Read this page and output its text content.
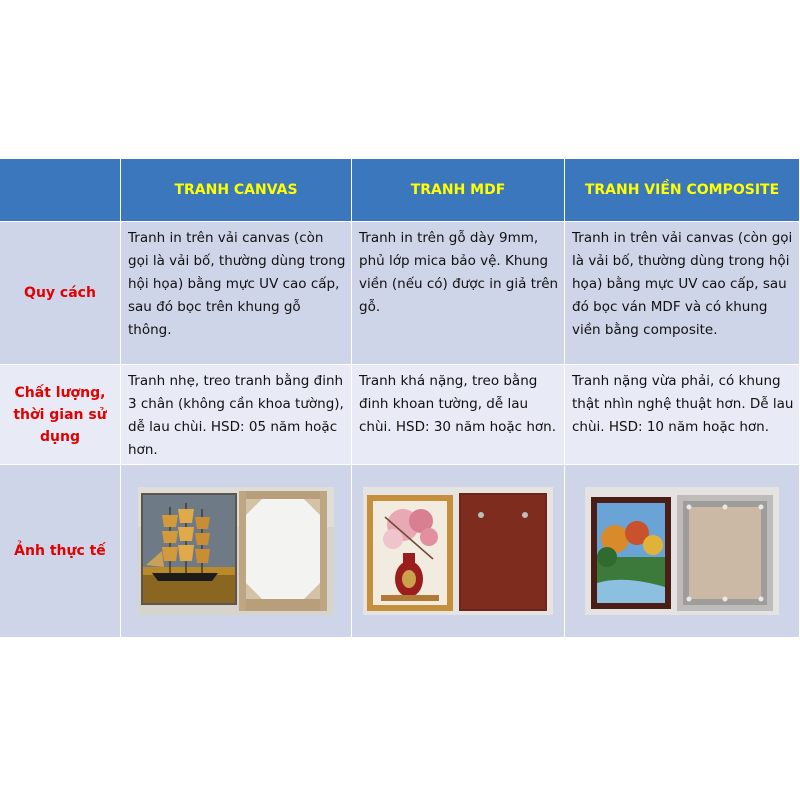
TRANH CANVAS	TRANH MDF	TRANH VIỀN COMPOSITE
Quy cách
Tranh in trên vải canvas (còn gọi là vải bố, thường dùng trong hội họa) bằng mực UV cao cấp, sau đó bọc trên khung gỗ thông.
Tranh in trên gỗ dày 9mm, phủ lớp mica bảo vệ. Khung viền (nếu có) được in giả trên gỗ.
Tranh in trên vải canvas (còn gọi là vải bố, thường dùng trong hội họa) bằng mực UV cao cấp, sau đó bọc ván MDF và có khung viền bằng composite.
Chất lượng, thời gian sử dụng
Tranh nhẹ, treo tranh bằng đinh 3 chân (không cần khoa tường), dễ lau chùi. HSD: 05 năm hoặc hơn.
Tranh khá nặng, treo bằng đinh khoan tường, dễ lau chùi. HSD: 30 năm hoặc hơn.
Tranh nặng vừa phải, có khung thật nhìn nghệ thuật hơn. Dễ lau chùi. HSD: 10 năm hoặc hơn.
Ảnh thực tế
